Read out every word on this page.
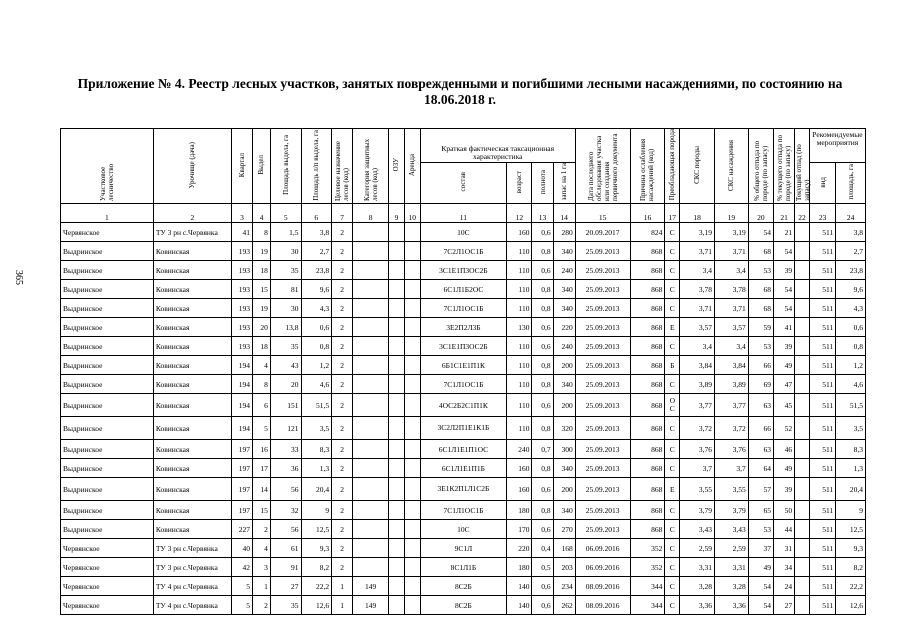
365
Приложение № 4. Реестр лесных участков, занятых поврежденными и погибшими лесными насаждениями, по состоянию на 18.06.2018 г.
Участковое лесничество	Урочище (дача)	Квартал	Выдел	Площадь выдела, га	Площадь л/п выдела, га	Целевое назначение лесов (код)	Категория защитных лесов (код)	ОЗУ	Аренда	Краткая фактическая таксационная характеристика				Дата последнего обследования участка или создания первичного документа	Причина ослабления насаждений (код)	Преобладающая порода	СКС породы	СКС насаждения	% общего отпада по породе (по запасу)	% текущего отпада по породе (по запасу)	Текущий отпад (по запасу)	Рекомендуемые мероприятия	
										состав	возраст	полнота	запас на 1 га									вид	площадь, га
1	2	3	4	5	6	7	8	9	10	11	12	13	14	15	16	17	18	19	20	21	22	23	24
Червянское	ТУ 3 рн с.Червянка	41	8	1,5	3,8	2				10С	160	0,6	280	20.09.2017	824	С	3,19	3,19	54	21		511	3,8
Выдринское	Ковинская	193	19	30	2,7	2				7С2Л1ОС1Б	110	0,8	340	25.09.2013	868	С	3,71	3,71	68	54		511	2,7
Выдринское	Ковинская	193	18	35	23,8	2				3С1Е1П3ОС2Б	110	0,6	240	25.09.2013	868	С	3,4	3,4	53	39		511	23,8
Выдринское	Ковинская	193	15	81	9,6	2				6С1Л1Б2ОС	110	0,8	340	25.09.2013	868	С	3,78	3,78	68	54		511	9,6
Выдринское	Ковинская	193	19	30	4,3	2				7С1Л1ОС1Б	110	0,8	340	25.09.2013	868	С	3,71	3,71	68	54		511	4,3
Выдринское	Ковинская	193	20	13,8	0,6	2				3Е2П2Л3Б	130	0,6	220	25.09.2013	868	Е	3,57	3,57	59	41		511	0,6
Выдринское	Ковинская	193	18	35	0,8	2				3С1Е1П3ОС2Б	110	0,6	240	25.09.2013	868	С	3,4	3,4	53	39		511	0,8
Выдринское	Ковинская	194	4	43	1,2	2				6Б1С1Е1П1К	110	0,8	200	25.09.2013	868	Б	3,84	3,84	66	49		511	1,2
Выдринское	Ковинская	194	8	20	4,6	2				7С1Л1ОС1Б	110	0,8	340	25.09.2013	868	С	3,89	3,89	69	47		511	4,6
Выдринское	Ковинская	194	6	151	51,5	2				4ОС2Б2С1П1К	110	0,6	200	25.09.2013	868	ОС	3,77	3,77	63	45		511	51,5
Выдринское	Ковинская	194	5	121	3,5	2				3С2Л2П1Е1К1Б	110	0,8	320	25.09.2013	868	С	3,72	3,72	66	52		511	3,5
Выдринское	Ковинская	197	16	33	8,3	2				6С1Л1Е1П1ОС	240	0,7	300	25.09.2013	868	С	3,76	3,76	63	46		511	8,3
Выдринское	Ковинская	197	17	36	1,3	2				6С1Л1Е1П1Б	160	0,8	340	25.09.2013	868	С	3,7	3,7	64	49		511	1,3
Выдринское	Ковинская	197	14	56	20,4	2				3Е1К2П1Л1С2Б	160	0,6	200	25.09.2013	868	Е	3,55	3,55	57	39		511	20,4
Выдринское	Ковинская	197	15	32	9	2				7С1Л1ОС1Б	180	0,8	340	25.09.2013	868	С	3,79	3,79	65	50		511	9
Выдринское	Ковинская	227	2	56	12,5	2				10С	170	0,6	270	25.09.2013	868	С	3,43	3,43	53	44		511	12,5
Червянское	ТУ 3 рн с.Червянка	40	4	61	9,3	2				9С1Л	220	0,4	168	06.09.2016	352	С	2,59	2,59	37	31		511	9,3
Червянское	ТУ 3 рн с.Червянка	42	3	91	8,2	2				8С1Л1Б	180	0,5	203	06.09.2016	352	С	3,31	3,31	49	34		511	8,2
Червянское	ТУ 4 рн с.Червянка	5	1	27	22,2	1	149			8С2Б	140	0,6	234	08.09.2016	344	С	3,28	3,28	54	24		511	22,2
Червянское	ТУ 4 рн с.Червянка	5	2	35	12,6	1	149			8С2Б	140	0,6	262	08.09.2016	344	С	3,36	3,36	54	27		511	12,6
